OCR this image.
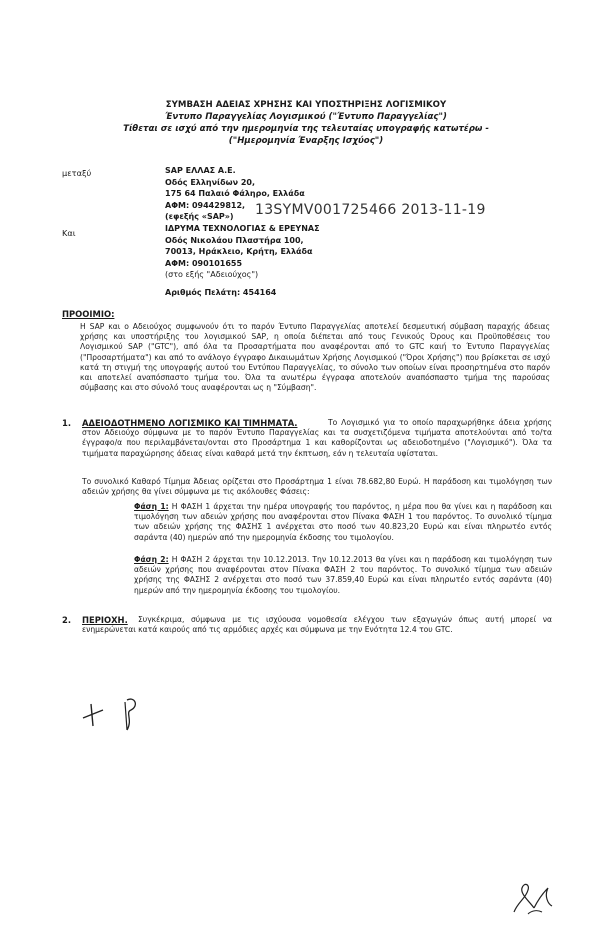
ΣΥΜΒΑΣΗ ΑΔΕΙΑΣ ΧΡΗΣΗΣ ΚΑΙ ΥΠΟΣΤΗΡΙΞΗΣ ΛΟΓΙΣΜΙΚΟΥ

Έντυπο Παραγγελίας Λογισμικού ("Έντυπο Παραγγελίας")

Τίθεται σε ισχύ από την ημερομηνία της τελευταίας υπογραφής κατωτέρω -

("Ημερομηνία Έναρξης Ισχύος")

μεταξύ	SAP ΕΛΛΑΣ Α.Ε.
Οδός Ελληνίδων 20,
175 64 Παλαιό Φάληρο, Ελλάδα
ΑΦΜ: 094429812,
(εφεξής «SAP»)	13SYMV001725466 2013-11-19

Και	ΙΔΡΥΜΑ ΤΕΧΝΟΛΟΓΙΑΣ & ΕΡΕΥΝΑΣ
Οδός Νικολάου Πλαστήρα 100,
70013, Ηράκλειο, Κρήτη, Ελλάδα
ΑΦΜ: 090101655
(στο εξής "Αδειούχος")

Αριθμός Πελάτη: 454164

ΠΡΟΟΙΜΙΟ:

Η SAP και ο Αδειούχος συμφωνούν ότι το παρόν Έντυπο Παραγγελίας αποτελεί δεσμευτική σύμβαση παραχής άδειας χρήσης και υποστήριξης του λογισμικού SAP, η οποία διέπεται από τους Γενικούς Όρους και Προϋποθέσεις του Λογισμικού SAP ("GTC"), από όλα τα Προσαρτήματα που αναφέρονται από το GTC καιή το Έντυπο Παραγγελίας ("Προσαρτήματα") και από το ανάλογο έγγραφο Δικαιωμάτων Χρήσης Λογισμικού ("Όροι Χρήσης") που βρίσκεται σε ισχύ κατά τη στιγμή της υπογραφής αυτού του Εντύπου Παραγγελίας, το σύνολο των οποίων είναι προσηρτημένα στο παρόν και αποτελεί αναπόσπαστο τμήμα του. Όλα τα ανωτέρω έγγραφα αποτελούν αναπόσπαστο τμήμα της παρούσας σύμβασης και στο σύνολό τους αναφέρονται ως η "Σύμβαση".

1. ΑΔΕΙΟΔΟΤΗΜΕΝΟ ΛΟΓΙΣΜΙΚΟ ΚΑΙ ΤΙΜΗΜΑΤΑ.	Το Λογισμικό για το οποίο παραχωρήθηκε άδεια χρήσης στον Αδειούχο σύμφωνα με το παρόν Έντυπο Παραγγελίας και τα συσχετιζόμενα τιμήματα αποτελούνται από το/τα έγγραφο/α που περιλαμβάνεται/ονται στο Προσάρτημα 1 και καθορίζονται ως αδειοδοτημένο ("Λογισμικό"). Όλα τα τιμήματα παραχώρησης άδειας είναι καθαρά μετά την έκπτωση, εάν η τελευταία υφίσταται.

Το συνολικό Καθαρό Τίμημα Άδειας ορίζεται στο Προσάρτημα 1 είναι 78.682,80 Ευρώ. Η παράδοση και τιμολόγηση των αδειών χρήσης θα γίνει σύμφωνα με τις ακόλουθες Φάσεις:

Φάση 1: Η ΦΑΣΗ 1 άρχεται την ημέρα υπογραφής του παρόντος, η μέρα που θα γίνει και η παράδοση και τιμολόγηση των αδειών χρήσης που αναφέρονται στον Πίνακα ΦΑΣΗ 1 του παρόντος. Το συνολικό τίμημα των αδειών χρήσης της ΦΑΣΗΣ 1 ανέρχεται στο ποσό των 40.823,20 Ευρώ και είναι πληρωτέο εντός σαράντα (40) ημερών από την ημερομηνία έκδοσης του τιμολογίου.
Φάση 2: Η ΦΑΣΗ 2 άρχεται την 10.12.2013. Την 10.12.2013 θα γίνει και η παράδοση και τιμολόγηση των αδειών χρήσης που αναφέρονται στον Πίνακα ΦΑΣΗ 2 του παρόντος. Το συνολικό τίμημα των αδειών χρήσης της ΦΑΣΗΣ 2 ανέρχεται στο ποσό των 37.859,40 Ευρώ και είναι πληρωτέο εντός σαράντα (40) ημερών από την ημερομηνία έκδοσης του τιμολογίου.

2. ΠΕΡΙΟΧΗ.	Συγκέκριμα, σύμφωνα με τις ισχύουσα νομοθεσία ελέγχου των εξαγωγών όπως αυτή μπορεί να ενημερώνεται κατά καιρούς από τις αρμόδιες αρχές και σύμφωνα με την Ενότητα 12.4 του GTC.
